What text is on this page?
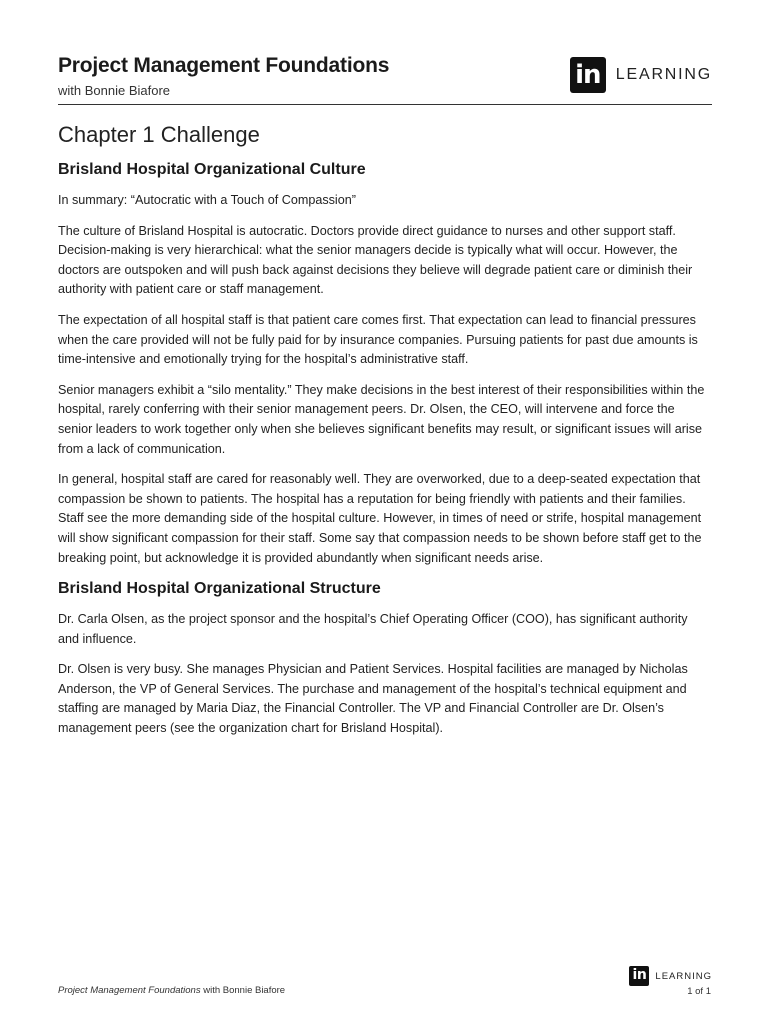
Project Management Foundations

with Bonnie Biafore

in LEARNING
Chapter 1 Challenge
Brisland Hospital Organizational Culture

In summary: “Autocratic with a Touch of Compassion”

The culture of Brisland Hospital is autocratic. Doctors provide direct guidance to nurses and other support staff. Decision-making is very hierarchical: what the senior managers decide is typically what will occur. However, the doctors are outspoken and will push back against decisions they believe will degrade patient care or diminish their authority with patient care or staff management.

The expectation of all hospital staff is that patient care comes first. That expectation can lead to financial pressures when the care provided will not be fully paid for by insurance companies. Pursuing patients for past due amounts is time-intensive and emotionally trying for the hospital’s administrative staff.

Senior managers exhibit a “silo mentality.” They make decisions in the best interest of their responsibilities within the hospital, rarely conferring with their senior management peers. Dr. Olsen, the CEO, will intervene and force the senior leaders to work together only when she believes significant benefits may result, or significant issues will arise from a lack of communication.

In general, hospital staff are cared for reasonably well. They are overworked, due to a deep-seated expectation that compassion be shown to patients. The hospital has a reputation for being friendly with patients and their families. Staff see the more demanding side of the hospital culture. However, in times of need or strife, hospital management will show significant compassion for their staff. Some say that compassion needs to be shown before staff get to the breaking point, but acknowledge it is provided abundantly when significant needs arise.

Brisland Hospital Organizational Structure

Dr. Carla Olsen, as the project sponsor and the hospital’s Chief Operating Officer (COO), has significant authority and influence.

Dr. Olsen is very busy. She manages Physician and Patient Services. Hospital facilities are managed by Nicholas Anderson, the VP of General Services. The purchase and management of the hospital’s technical equipment and staffing are managed by Maria Diaz, the Financial Controller. The VP and Financial Controller are Dr. Olsen’s management peers (see the organization chart for Brisland Hospital).

Project Management Foundations with Bonnie Biafore
in LEARNING
1 of 1
